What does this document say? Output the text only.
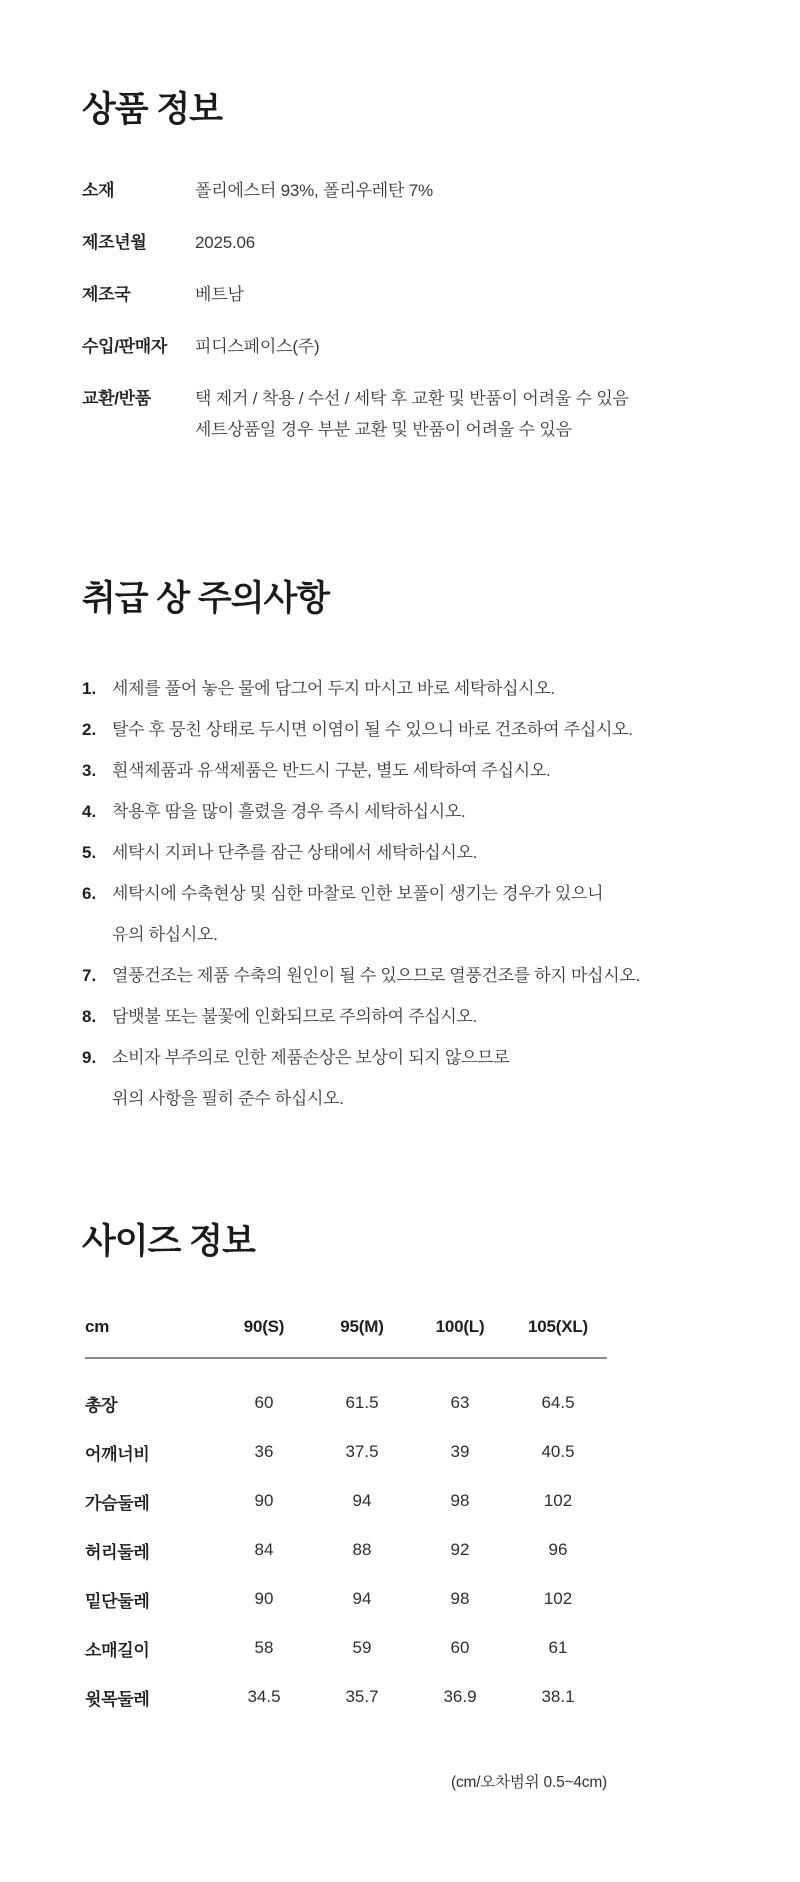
상품 정보
소재	폴리에스터 93%, 폴리우레탄 7%
제조년월	2025.06
제조국	베트남
수입/판매자	피디스페이스(주)
교환/반품	택 제거 / 착용 / 수선 / 세탁 후 교환 및 반품이 어려울 수 있음
세트상품일 경우 부분 교환 및 반품이 어려울 수 있음
취급 상 주의사항
1. 세제를 풀어 놓은 물에 담그어 두지 마시고 바로 세탁하십시오.
2. 탈수 후 뭉친 상태로 두시면 이염이 될 수 있으니 바로 건조하여 주십시오.
3. 흰색제품과 유색제품은 반드시 구분, 별도 세탁하여 주십시오.
4. 착용후 땀을 많이 흘렸을 경우 즉시 세탁하십시오.
5. 세탁시 지퍼나 단추를 잠근 상태에서 세탁하십시오.
6. 세탁시에 수축현상 및 심한 마찰로 인한 보풀이 생기는 경우가 있으니
유의 하십시오.
7. 열풍건조는 제품 수축의 원인이 될 수 있으므로 열풍건조를 하지 마십시오.
8. 담뱃불 또는 불꽃에 인화되므로 주의하여 주십시오.
9. 소비자 부주의로 인한 제품손상은 보상이 되지 않으므로
위의 사항을 필히 준수 하십시오.
사이즈 정보
cm	90(S)	95(M)	100(L)	105(XL)
총장	60	61.5	63	64.5
어깨너비	36	37.5	39	40.5
가슴둘레	90	94	98	102
허리둘레	84	88	92	96
밑단둘레	90	94	98	102
소매길이	58	59	60	61
윗목둘레	34.5	35.7	36.9	38.1
(cm/오차범위 0.5~4cm)
